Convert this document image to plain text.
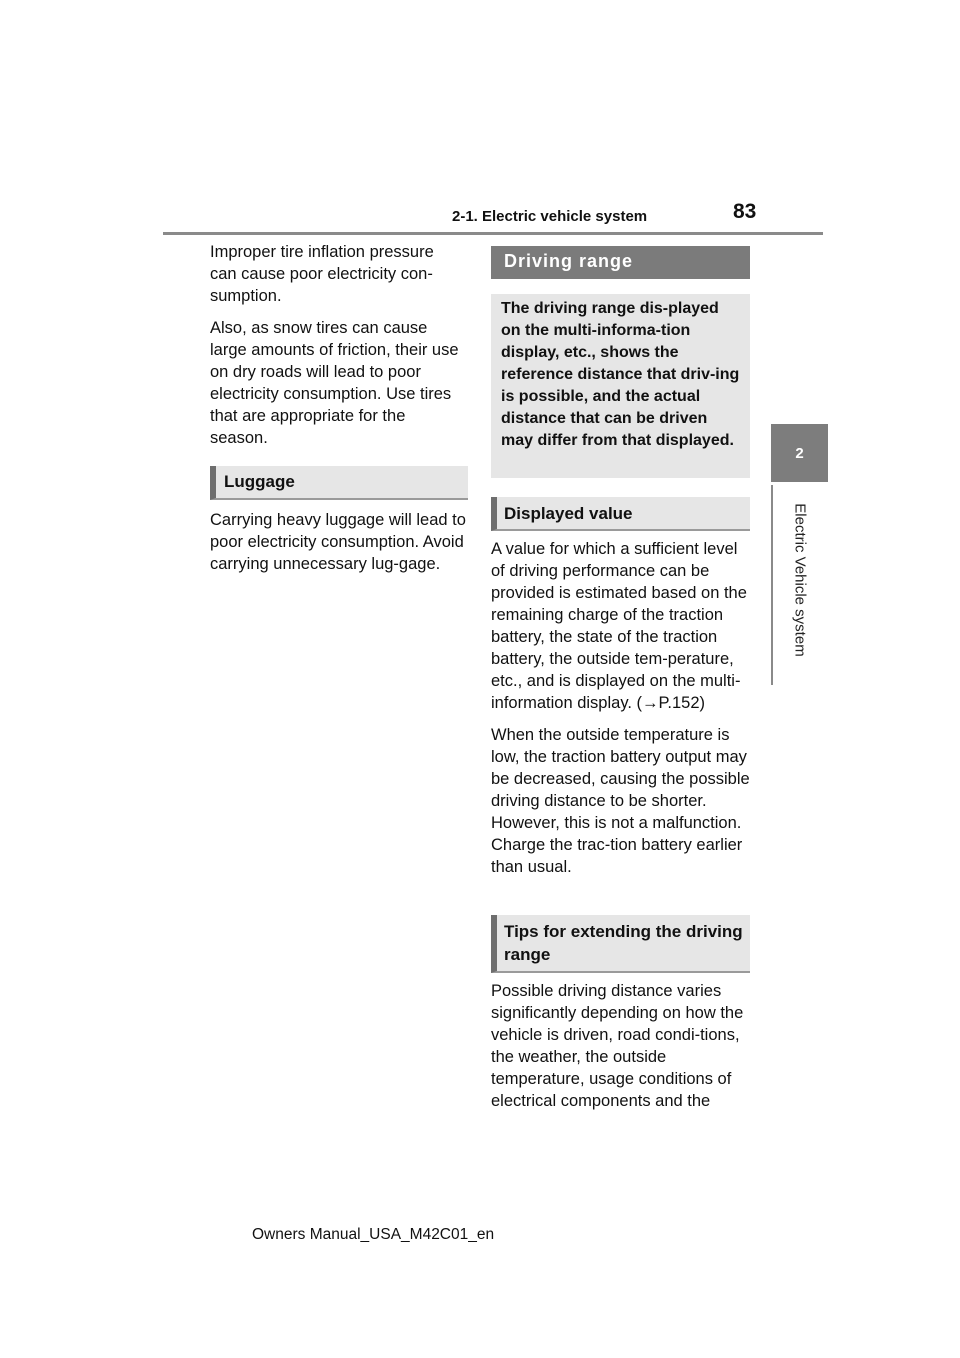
2-1. Electric vehicle system	83
2
Electric Vehicle system

Improper tire inflation pressure can cause poor electricity con-sumption.

Also, as snow tires can cause large amounts of friction, their use on dry roads will lead to poor electricity consumption. Use tires that are appropriate for the season.

Luggage

Carrying heavy luggage will lead to poor electricity consumption. Avoid carrying unnecessary lug-gage.

Driving range
The driving range dis-played on the multi-informa-tion display, etc., shows the reference distance that driv-ing is possible, and the actual distance that can be driven may differ from that displayed.
Displayed value

A value for which a sufficient level of driving performance can be provided is estimated based on the remaining charge of the traction battery, the state of the traction battery, the outside tem-perature, etc., and is displayed on the multi-information display. (→P.152)

When the outside temperature is low, the traction battery output may be decreased, causing the possible driving distance to be shorter. However, this is not a malfunction. Charge the trac-tion battery earlier than usual.

Tips for extending the driving range

Possible driving distance varies significantly depending on how the vehicle is driven, road condi-tions, the weather, the outside temperature, usage conditions of electrical components and the

Owners Manual_USA_M42C01_en
